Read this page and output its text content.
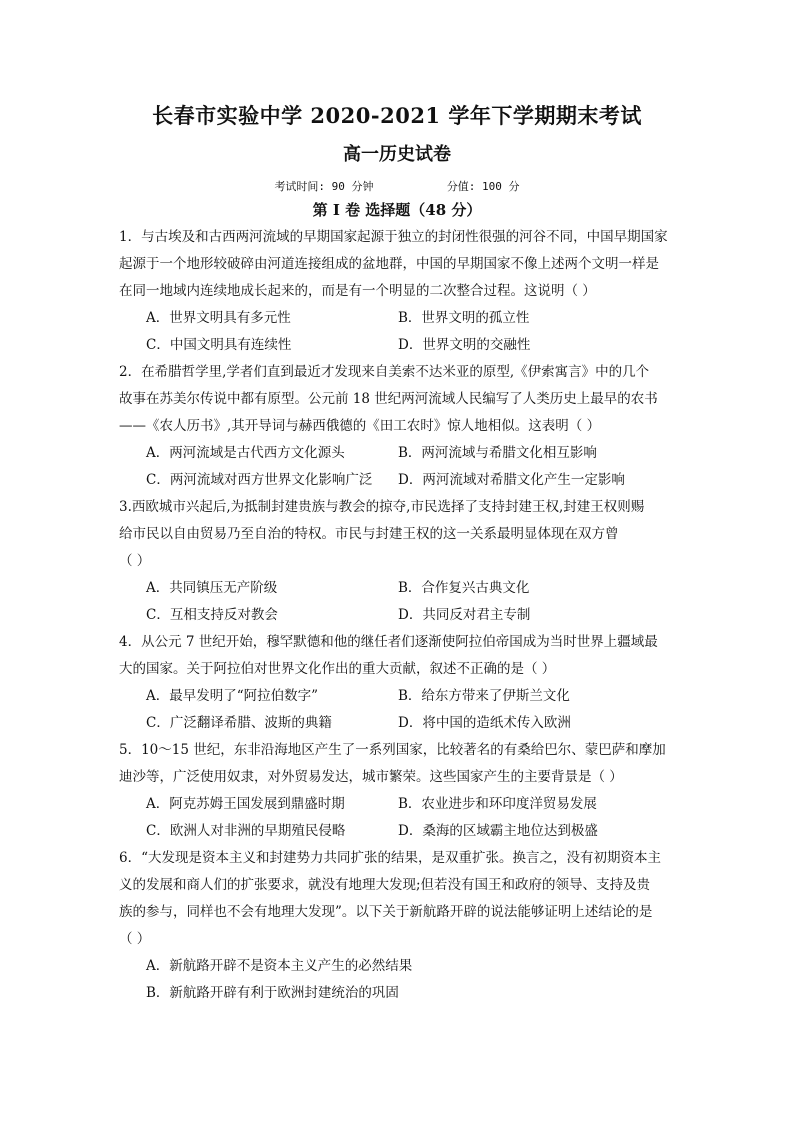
长春市实验中学 2020-2021 学年下学期期末考试
高一历史试卷
考试时间: 90 分钟	分值: 100 分
第 I 卷 选择题（48 分）

1．与古埃及和古西两河流域的早期国家起源于独立的封闭性很强的河谷不同，中国早期国家

起源于一个地形较破碎由河道连接组成的盆地群，中国的早期国家不像上述两个文明一样是

在同一地域内连续地成长起来的，而是有一个明显的二次整合过程。这说明（ ）

A．世界文明具有多元性	B．世界文明的孤立性
C．中国文明具有连续性	D．世界文明的交融性

2．在希腊哲学里,学者们直到最近才发现来自美索不达米亚的原型,《伊索寓言》中的几个

故事在苏美尔传说中都有原型。公元前 18 世纪两河流域人民编写了人类历史上最早的农书

——《农人历书》,其开导词与赫西俄德的《田工农时》惊人地相似。这表明（ ）

A．两河流域是古代西方文化源头	B．两河流域与希腊文化相互影响
C．两河流域对西方世界文化影响广泛	D．两河流域对希腊文化产生一定影响

3.西欧城市兴起后,为抵制封建贵族与教会的掠夺,市民选择了支持封建王权,封建王权则赐

给市民以自由贸易乃至自治的特权。市民与封建王权的这一关系最明显体现在双方曾

（ ）

A．共同镇压无产阶级	B．合作复兴古典文化
C．互相支持反对教会	D．共同反对君主专制

4．从公元 7 世纪开始，穆罕默德和他的继任者们逐渐使阿拉伯帝国成为当时世界上疆域最

大的国家。关于阿拉伯对世界文化作出的重大贡献，叙述不正确的是（ ）

A．最早发明了“阿拉伯数字”	B．给东方带来了伊斯兰文化
C．广泛翻译希腊、波斯的典籍	D．将中国的造纸术传入欧洲

5．10～15 世纪，东非沿海地区产生了一系列国家，比较著名的有桑给巴尔、蒙巴萨和摩加

迪沙等，广泛使用奴隶，对外贸易发达，城市繁荣。这些国家产生的主要背景是（ ）

A．阿克苏姆王国发展到鼎盛时期	B．农业进步和环印度洋贸易发展
C．欧洲人对非洲的早期殖民侵略	D．桑海的区域霸主地位达到极盛

6．“大发现是资本主义和封建势力共同扩张的结果，是双重扩张。换言之，没有初期资本主

义的发展和商人们的扩张要求，就没有地理大发现;但若没有国王和政府的领导、支持及贵

族的参与，同样也不会有地理大发现”。以下关于新航路开辟的说法能够证明上述结论的是

（ ）

A．新航路开辟不是资本主义产生的必然结果
B．新航路开辟有利于欧洲封建统治的巩固
